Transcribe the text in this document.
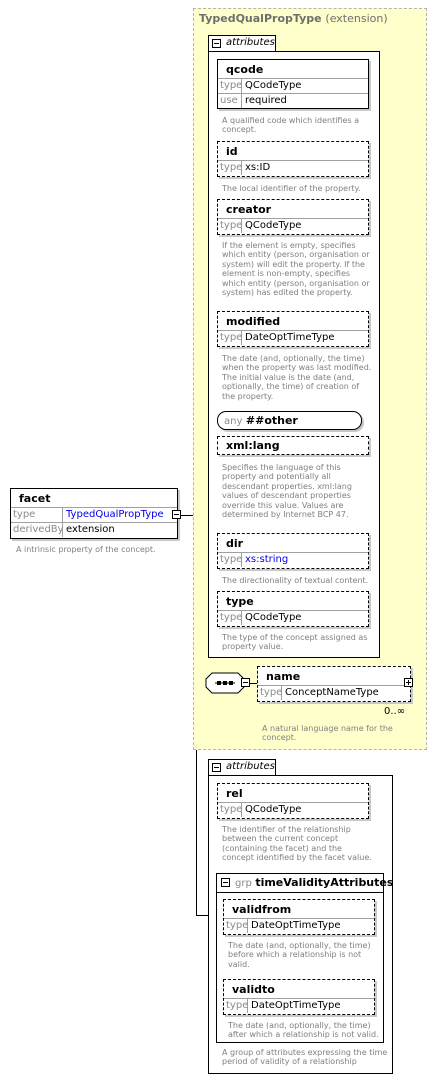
facet
type	TypedQualPropType
derivedBy extension
A intrinsic property of the concept.
TypedQualPropType (extension)
attributes
qcode
type QCodeType
use required
A qualified code which identifies a concept.
id
type xs:ID
The local identifier of the property.
creator
type QCodeType
If the element is empty, specifies which entity (person, organisation or system) will edit the property. If the element is non-empty, specifies which entity (person, organisation or system) has edited the property.
modified
type DateOptTimeType
The date (and, optionally, the time) when the property was last modified. The initial value is the date (and, optionally, the time) of creation of the property.
any ##other
xml:lang
Specifies the language of this property and potentially all descendant properties. xml:lang values of descendant properties override this value. Values are determined by Internet BCP 47.
dir
type xs:string
The directionality of textual content.
type
type QCodeType
The type of the concept assigned as property value.
name
type ConceptNameType
0..∞
A natural language name for the concept.
attributes
rel
type QCodeType
The identifier of the relationship between the current concept (containing the facet) and the concept identified by the facet value.
grp timeValidityAttributes
validfrom
type DateOptTimeType
The date (and, optionally, the time) before which a relationship is not valid.
validto
type DateOptTimeType
The date (and, optionally, the time) after which a relationship is not valid.
A group of attributes expressing the time period of validity of a relationship
